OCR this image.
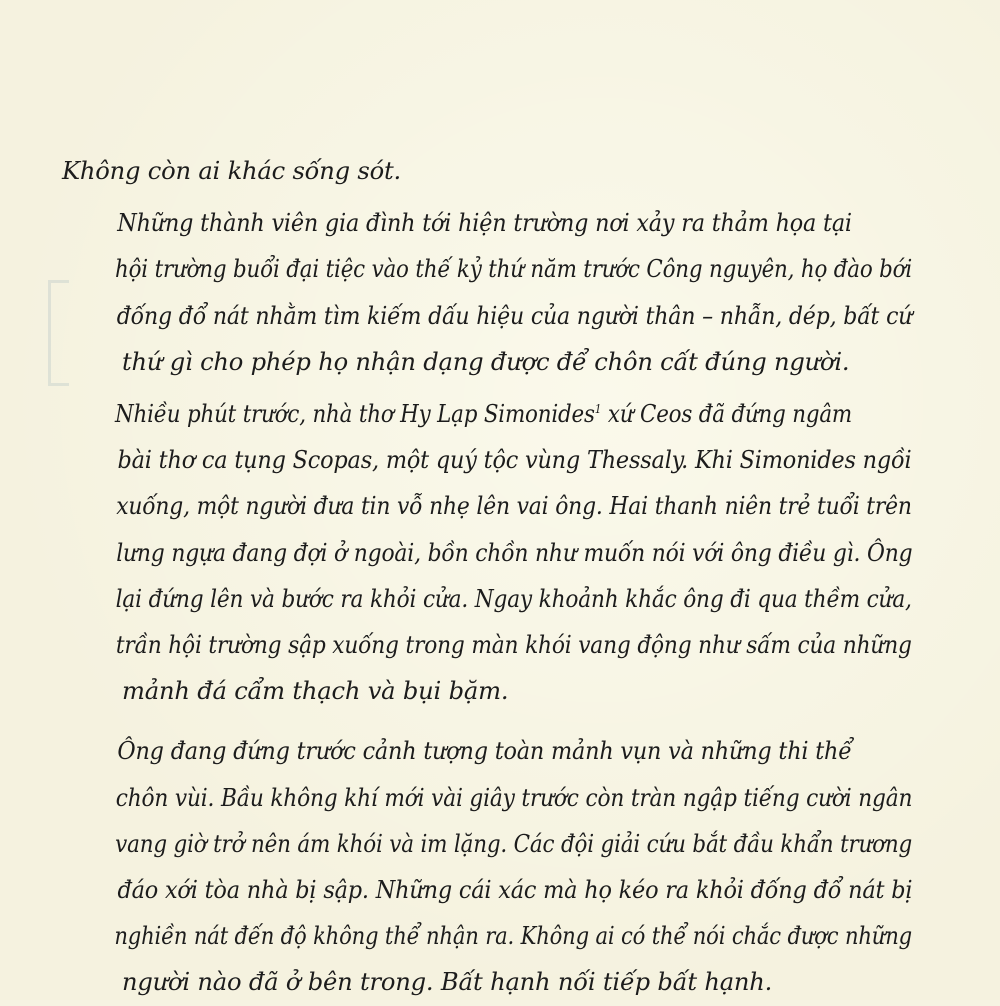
Không còn ai khác sống sót.

Những thành viên gia đình tới hiện trường nơi xảy ra thảm họa tại
hội trường buổi đại tiệc vào thế kỷ thứ năm trước Công nguyên, họ đào bới
đống đổ nát nhằm tìm kiếm dấu hiệu của người thân – nhẫn, dép, bất cứ
thứ gì cho phép họ nhận dạng được để chôn cất đúng người.

Nhiều phút trước, nhà thơ Hy Lạp Simonides$^1$ xứ Ceos đã đứng ngâm
bài thơ ca tụng Scopas, một quý tộc vùng Thessaly. Khi Simonides ngồi
xuống, một người đưa tin vỗ nhẹ lên vai ông. Hai thanh niên trẻ tuổi trên
lưng ngựa đang đợi ở ngoài, bồn chồn như muốn nói với ông điều gì. Ông
lại đứng lên và bước ra khỏi cửa. Ngay khoảnh khắc ông đi qua thềm cửa,
trần hội trường sập xuống trong màn khói vang động như sấm của những
mảnh đá cẩm thạch và bụi bặm.

Ông đang đứng trước cảnh tượng toàn mảnh vụn và những thi thể
chôn vùi. Bầu không khí mới vài giây trước còn tràn ngập tiếng cười ngân
vang giờ trở nên ám khói và im lặng. Các đội giải cứu bắt đầu khẩn trương
đáo xới tòa nhà bị sập. Những cái xác mà họ kéo ra khỏi đống đổ nát bị
nghiền nát đến độ không thể nhận ra. Không ai có thể nói chắc được những
người nào đã ở bên trong. Bất hạnh nối tiếp bất hạnh.
